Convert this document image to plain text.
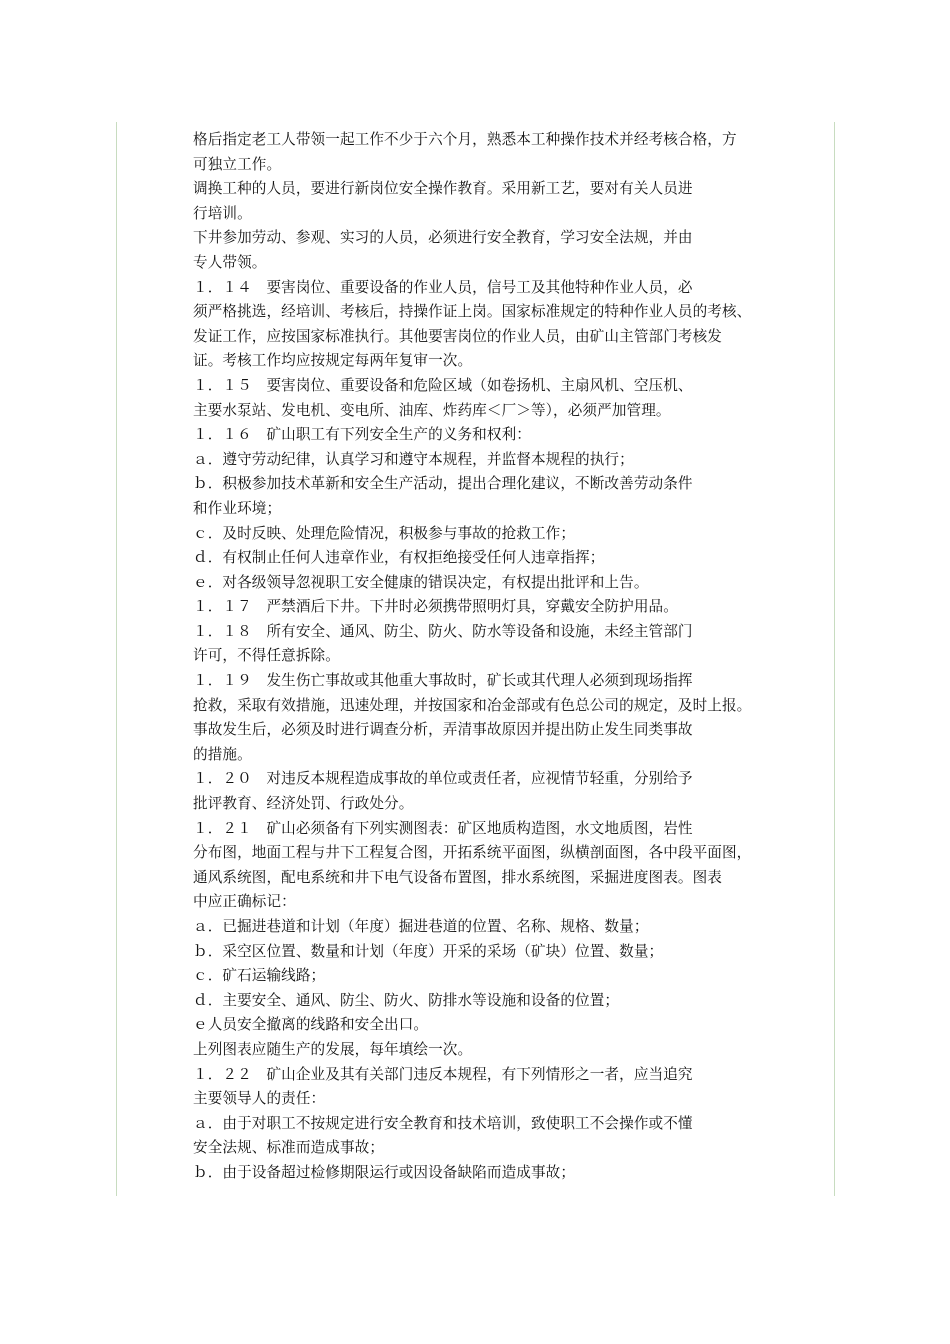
格后指定老工人带领一起工作不少于六个月，熟悉本工种操作技术并经考核合格，方
可独立工作。
调换工种的人员，要进行新岗位安全操作教育。采用新工艺，要对有关人员进
行培训。
下井参加劳动、参观、实习的人员，必须进行安全教育，学习安全法规，并由
专人带领。
１．１４　要害岗位、重要设备的作业人员，信号工及其他特种作业人员，必
须严格挑选，经培训、考核后，持操作证上岗。国家标准规定的特种作业人员的考核、
发证工作，应按国家标准执行。其他要害岗位的作业人员，由矿山主管部门考核发
证。考核工作均应按规定每两年复审一次。
１．１５　要害岗位、重要设备和危险区域（如卷扬机、主扇风机、空压机、
主要水泵站、发电机、变电所、油库、炸药库＜厂＞等），必须严加管理。
１．１６　矿山职工有下列安全生产的义务和权利：
ａ．遵守劳动纪律，认真学习和遵守本规程，并监督本规程的执行；
ｂ．积极参加技术革新和安全生产活动，提出合理化建议，不断改善劳动条件
和作业环境；
ｃ．及时反映、处理危险情况，积极参与事故的抢救工作；
ｄ．有权制止任何人违章作业，有权拒绝接受任何人违章指挥；
ｅ．对各级领导忽视职工安全健康的错误决定，有权提出批评和上告。
１．１７　严禁酒后下井。下井时必须携带照明灯具，穿戴安全防护用品。
１．１８　所有安全、通风、防尘、防火、防水等设备和设施，未经主管部门
许可，不得任意拆除。
１．１９　发生伤亡事故或其他重大事故时，矿长或其代理人必须到现场指挥
抢救，采取有效措施，迅速处理，并按国家和冶金部或有色总公司的规定，及时上报。
事故发生后，必须及时进行调查分析，弄清事故原因并提出防止发生同类事故
的措施。
１．２０　对违反本规程造成事故的单位或责任者，应视情节轻重，分别给予
批评教育、经济处罚、行政处分。
１．２１　矿山必须备有下列实测图表：矿区地质构造图，水文地质图，岩性
分布图，地面工程与井下工程复合图，开拓系统平面图，纵横剖面图，各中段平面图，
通风系统图，配电系统和井下电气设备布置图，排水系统图，采掘进度图表。图表
中应正确标记：
ａ．已掘进巷道和计划（年度）掘进巷道的位置、名称、规格、数量；
ｂ．采空区位置、数量和计划（年度）开采的采场（矿块）位置、数量；
ｃ．矿石运输线路；
ｄ．主要安全、通风、防尘、防火、防排水等设施和设备的位置；
ｅ人员安全撤离的线路和安全出口。
上列图表应随生产的发展，每年填绘一次。
１．２２　矿山企业及其有关部门违反本规程，有下列情形之一者，应当追究
主要领导人的责任：
ａ．由于对职工不按规定进行安全教育和技术培训，致使职工不会操作或不懂
安全法规、标准而造成事故；
ｂ．由于设备超过检修期限运行或因设备缺陷而造成事故；
